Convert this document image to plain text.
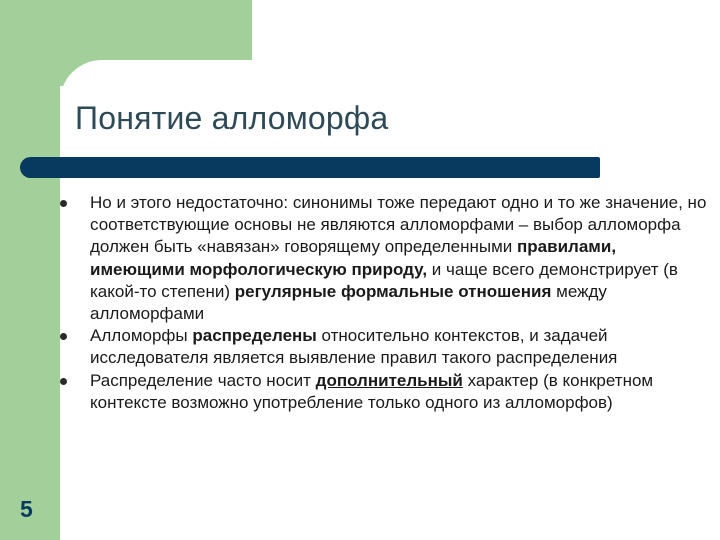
Понятие алломорфа
Но и этого недостаточно: синонимы тоже передают одно и то же значение, но соответствующие основы не являются алломорфами – выбор алломорфа должен быть «навязан» говорящему определенными правилами, имеющими морфологическую природу, и чаще всего демонстрирует (в какой-то степени) регулярные формальные отношения между алломорфами
Алломорфы распределены относительно контекстов, и задачей исследователя является выявление правил такого распределения
Распределение часто носит дополнительный характер (в конкретном контексте возможно употребление только одного из алломорфов)
5
